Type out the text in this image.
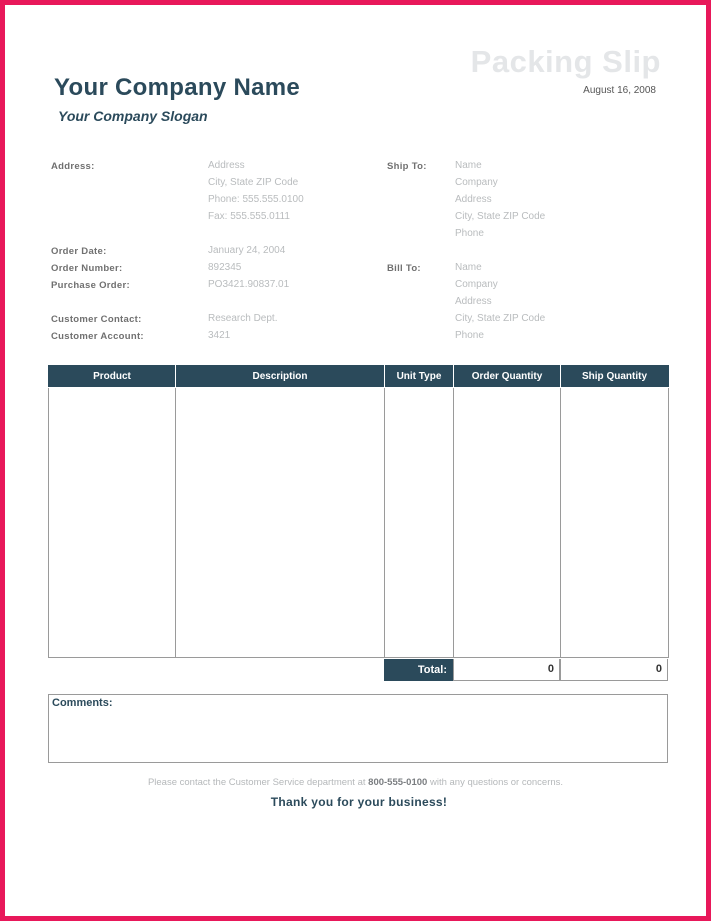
Packing Slip
August 16, 2008
Your Company Name
Your Company Slogan
Address:	Address
City, State ZIP Code
Phone: 555.555.0100
Fax: 555.555.0111
Order Date:	January 24, 2004
Order Number:	892345
Purchase Order:	PO3421.90837.01
Customer Contact:	Research Dept.
Customer Account:	3421
Ship To:	Name
Company
Address
City, State ZIP Code
Phone
Bill To:	Name
Company
Address
City, State ZIP Code
Phone
Product	Description	Unit Type	Order Quantity	Ship Quantity

Total:	0	0
Comments:
Please contact the Customer Service department at 800-555-0100 with any questions or concerns.
Thank you for your business!
